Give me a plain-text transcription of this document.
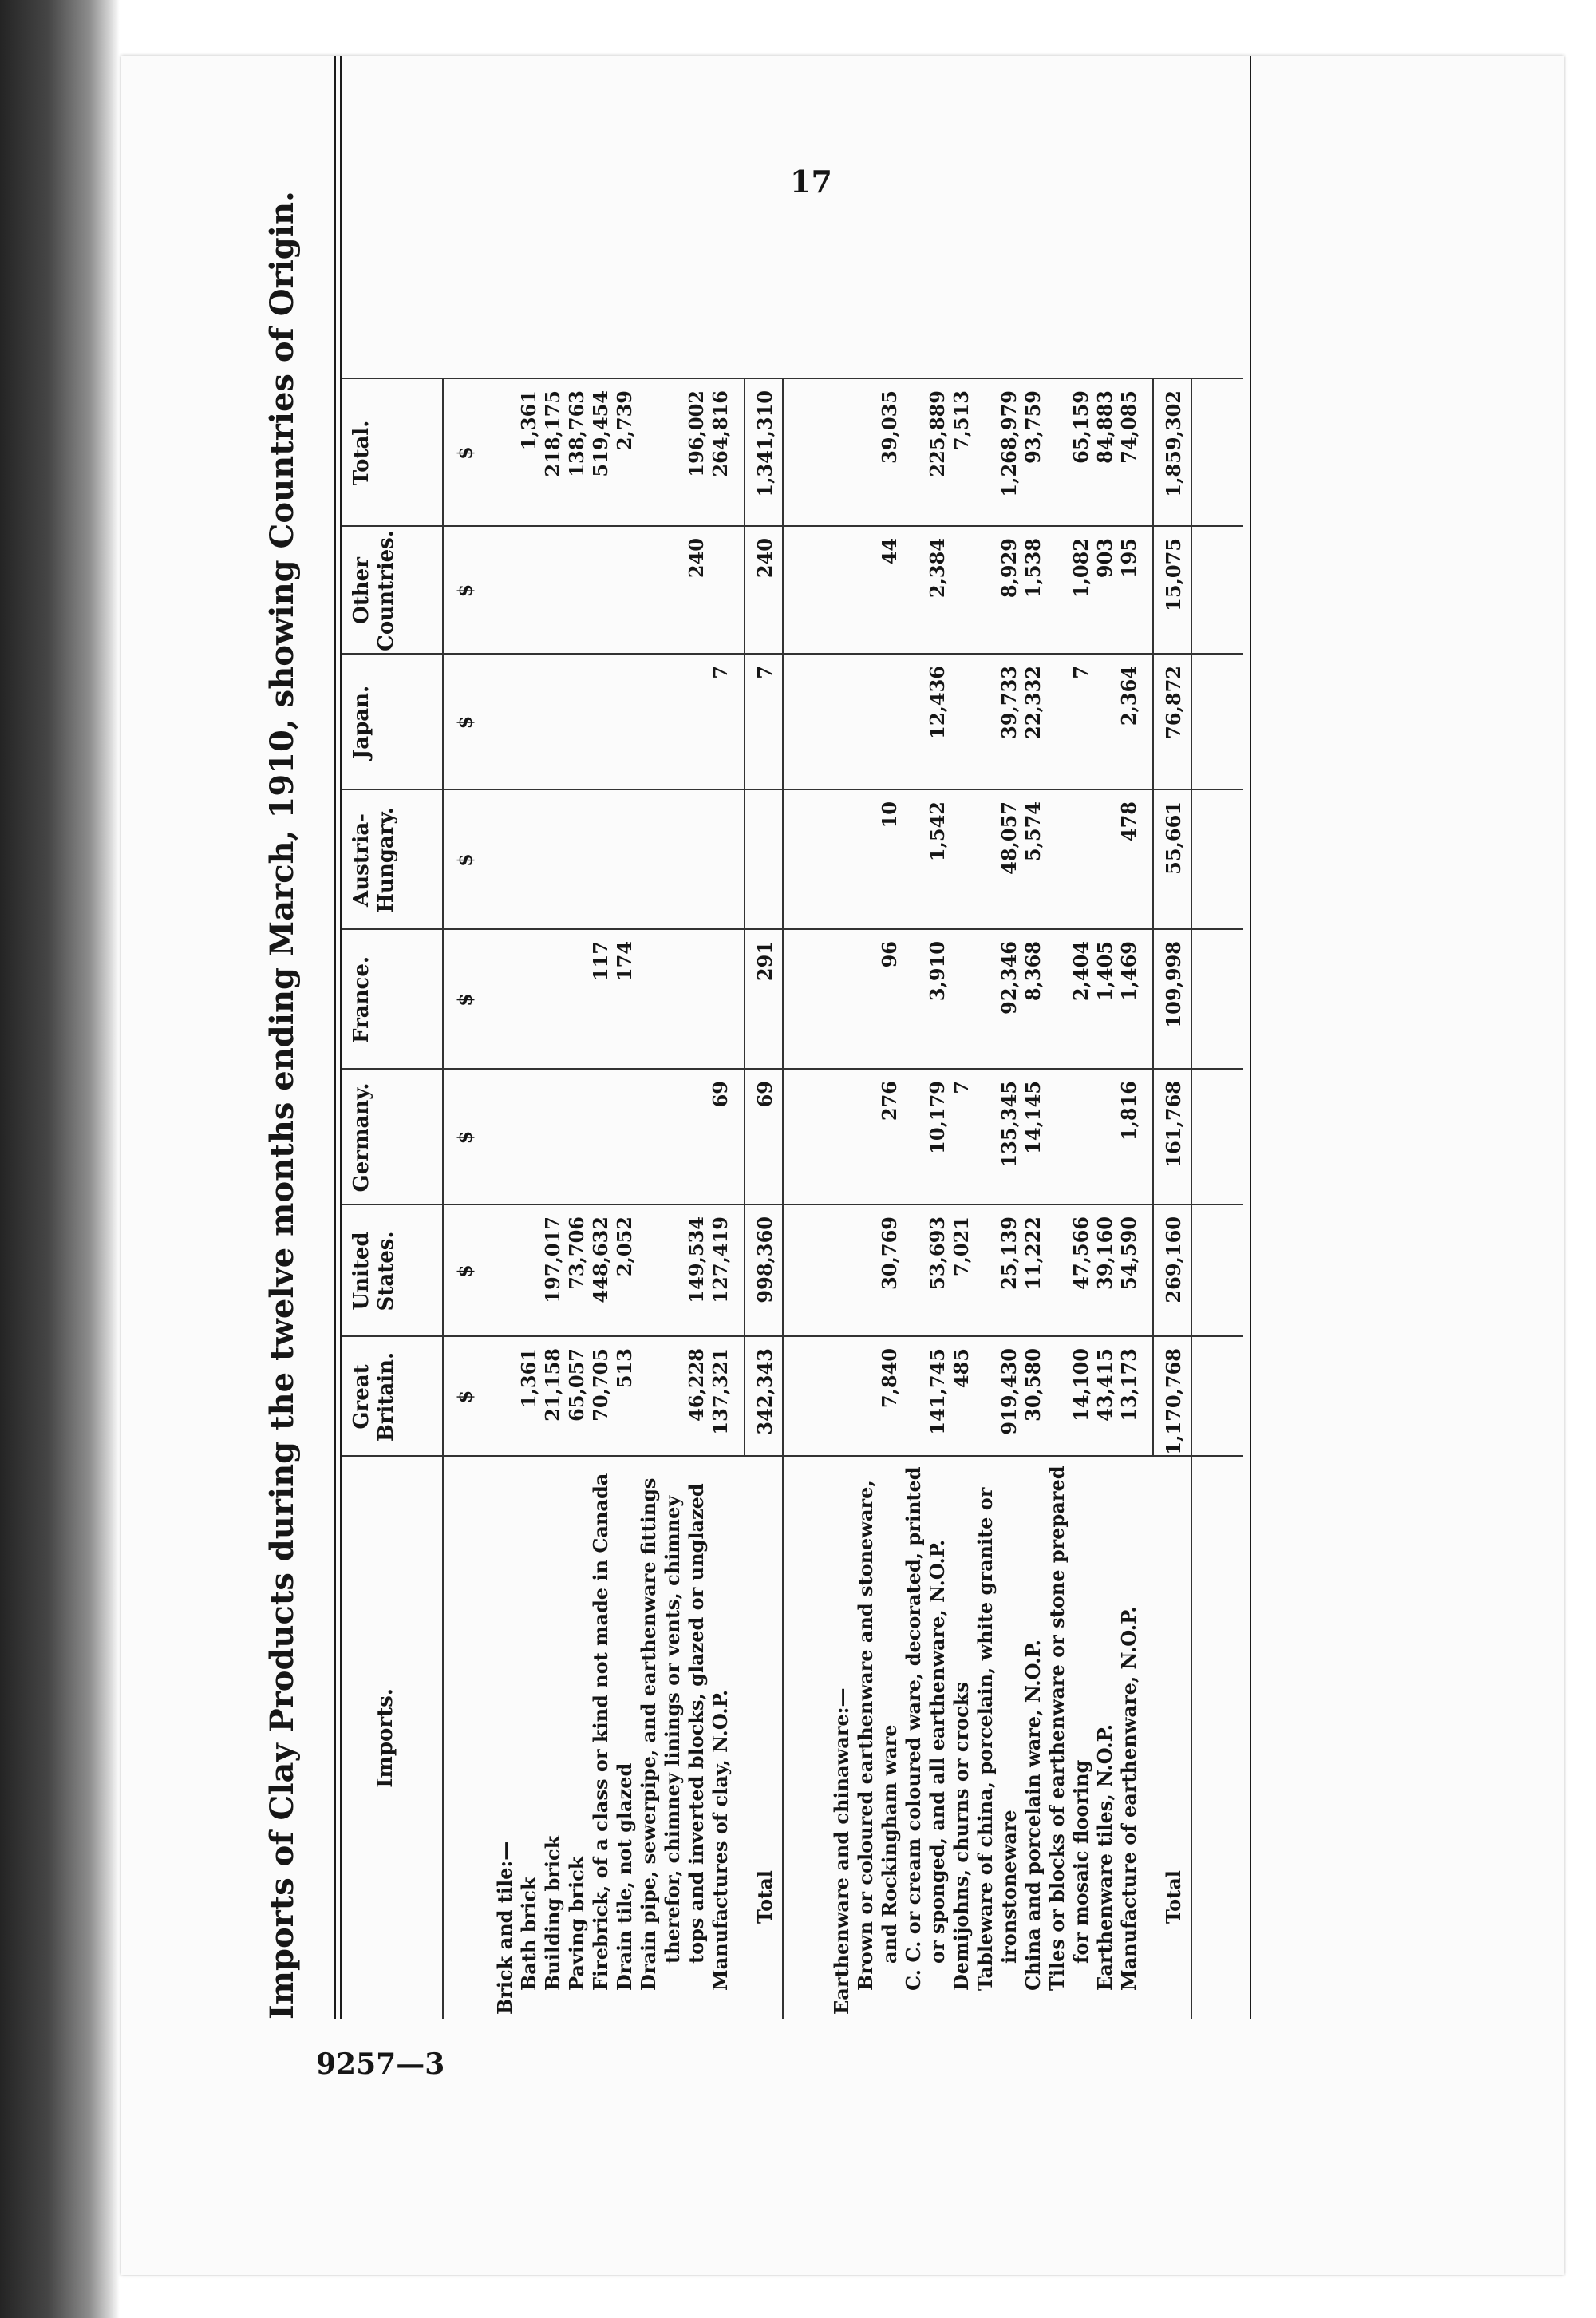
17
9257—3
Imports of Clay Products during the twelve months ending March, 1910, showing Countries of Origin.	Imports.
Great Britain.
United States.
Germany.
France.
Austria-Hungary.
Japan.
Other Countries.
Total.
$
$
$
$
$
$
$
$
Brick and tile:— Bath brick
1,361
1,361
Building brick
21,158
197,017
218,175
Paving brick
65,057
73,706
138,763
Firebrick, of a class or kind not made in Canada
70,705
448,632
117
519,454
Drain tile, not glazed
513
2,052
174
2,739
Drain pipe, sewerpipe, and earthenware fittings therefor, chimney linings or vents, chimney tops and inverted blocks, glazed or unglazed
46,228
149,534
240
196,002
Manufactures of clay, N.O.P.
137,321
127,419
69
7
264,816
Total
342,343
998,360
69
291
7
240
1,341,310
Earthenware and chinaware:— Brown or coloured earthenware and stoneware, and Rockingham ware
7,840
30,769
276
96
10
44
39,035
C. C. or cream coloured ware, decorated, printed or sponged, and all earthenware, N.O.P.
141,745
53,693
10,179
3,910
1,542
12,436
2,384
225,889
Demijohns, churns or crocks
485
7,021
7
7,513
Tableware of china, porcelain, white granite or ironstoneware
919,430
25,139
135,345
92,346
48,057
39,733
8,929
1,268,979
China and porcelain ware, N.O.P.
30,580
11,222
14,145
8,368
5,574
22,332
1,538
93,759
Tiles or blocks of earthenware or stone prepared for mosaic flooring
14,100
47,566
2,404
7
1,082
65,159
Earthenware tiles, N.O.P.
43,415
39,160
1,405
903
84,883
Manufacture of earthenware, N.O.P.
13,173
54,590
1,816
1,469
478
2,364
195
74,085
Total
1,170,768
269,160
161,768
109,998
55,661
76,872
15,075
1,859,302
